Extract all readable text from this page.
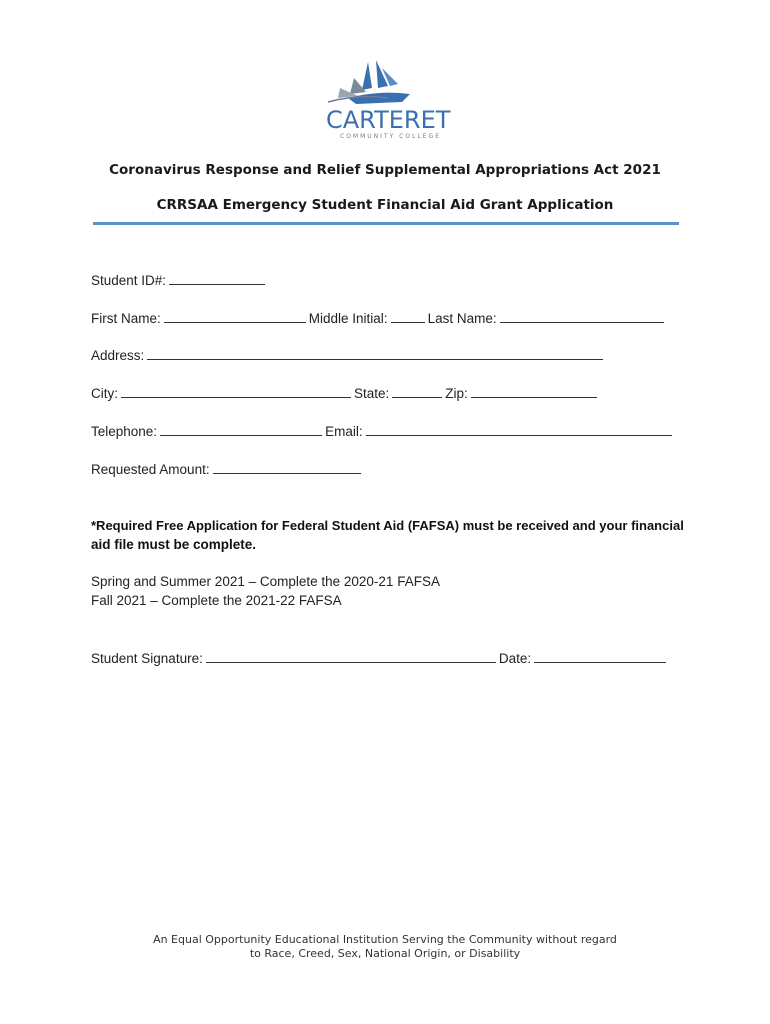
CARTERET
COMMUNITY COLLEGE
Coronavirus Response and Relief Supplemental Appropriations Act 2021
CRRSAA Emergency Student Financial Aid Grant Application
Student ID#:
First Name:	Middle Initial:	Last Name:
Address:
City:	State:	Zip:
Telephone:	Email:
Requested Amount:
*Required Free Application for Federal Student Aid (FAFSA) must be received and your financial
aid file must be complete.
Spring and Summer 2021 – Complete the 2020-21 FAFSA
Fall 2021 – Complete the 2021-22 FAFSA
Student Signature:	Date:
An Equal Opportunity Educational Institution Serving the Community without regard
to Race, Creed, Sex, National Origin, or Disability
